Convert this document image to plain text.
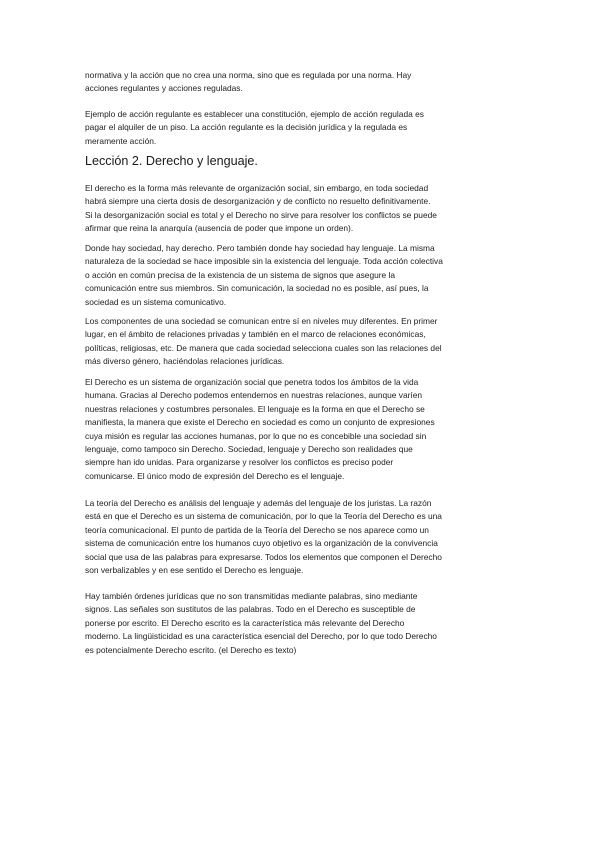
normativa y la acción que no crea una norma, sino que es regulada por una norma. Hay
acciones regulantes y acciones reguladas.

Ejemplo de acción regulante es establecer una constitución, ejemplo de acción regulada es
pagar el alquiler de un piso. La acción regulante es la decisión jurídica y la regulada es
meramente acción.

Lección 2. Derecho y lenguaje.

El derecho es la forma más relevante de organización social, sin embargo, en toda sociedad
habrá siempre una cierta dosis de desorganización y de conflicto no resuelto definitivamente.
Si la desorganización social es total y el Derecho no sirve para resolver los conflictos se puede
afirmar que reina la anarquía (ausencia de poder que impone un orden).

Donde hay sociedad, hay derecho. Pero también donde hay sociedad hay lenguaje. La misma
naturaleza de la sociedad se hace imposible sin la existencia del lenguaje. Toda acción colectiva
o acción en común precisa de la existencia de un sistema de signos que asegure la
comunicación entre sus miembros. Sin comunicación, la sociedad no es posible, así pues, la
sociedad es un sistema comunicativo.

Los componentes de una sociedad se comunican entre sí en niveles muy diferentes. En primer
lugar, en el ámbito de relaciones privadas y también en el marco de relaciones económicas,
políticas, religiosas, etc. De manera que cada sociedad selecciona cuales son las relaciones del
más diverso género, haciéndolas relaciones jurídicas.

El Derecho es un sistema de organización social que penetra todos los ámbitos de la vida
humana. Gracias al Derecho podemos entendernos en nuestras relaciones, aunque varíen
nuestras relaciones y costumbres personales. El lenguaje es la forma en que el Derecho se
manifiesta, la manera que existe el Derecho en sociedad es como un conjunto de expresiones
cuya misión es regular las acciones humanas, por lo que no es concebible una sociedad sin
lenguaje, como tampoco sin Derecho. Sociedad, lenguaje y Derecho son realidades que
siempre han ido unidas. Para organizarse y resolver los conflictos es preciso poder
comunicarse. El único modo de expresión del Derecho es el lenguaje.

La teoría del Derecho es análisis del lenguaje y además del lenguaje de los juristas. La razón
está en que el Derecho es un sistema de comunicación, por lo que la Teoría del Derecho es una
teoría comunicacional. El punto de partida de la Teoría del Derecho se nos aparece como un
sistema de comunicación entre los humanos cuyo objetivo es la organización de la convivencia
social que usa de las palabras para expresarse. Todos los elementos que componen el Derecho
son verbalizables y en ese sentido el Derecho es lenguaje.

Hay también órdenes jurídicas que no son transmitidas mediante palabras, sino mediante
signos. Las señales son sustitutos de las palabras. Todo en el Derecho es susceptible de
ponerse por escrito. El Derecho escrito es la característica más relevante del Derecho
moderno. La lingüisticidad es una característica esencial del Derecho, por lo que todo Derecho
es potencialmente Derecho escrito. (el Derecho es texto)
